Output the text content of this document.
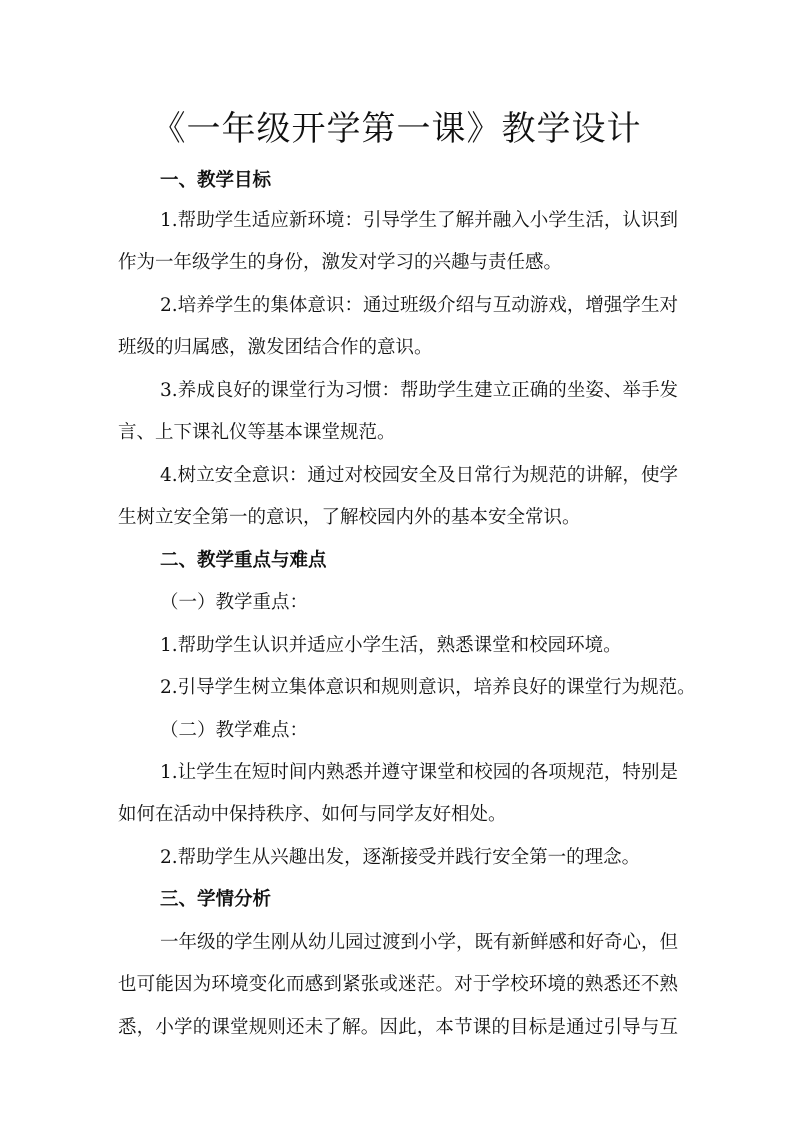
《一年级开学第一课》教学设计
一、教学目标
1.帮助学生适应新环境：引导学生了解并融入小学生活，认识到
作为一年级学生的身份，激发对学习的兴趣与责任感。
2.培养学生的集体意识：通过班级介绍与互动游戏，增强学生对
班级的归属感，激发团结合作的意识。
3.养成良好的课堂行为习惯：帮助学生建立正确的坐姿、举手发
言、上下课礼仪等基本课堂规范。
4.树立安全意识：通过对校园安全及日常行为规范的讲解，使学
生树立安全第一的意识，了解校园内外的基本安全常识。
二、教学重点与难点
（一）教学重点：
1.帮助学生认识并适应小学生活，熟悉课堂和校园环境。
2.引导学生树立集体意识和规则意识，培养良好的课堂行为规范。
（二）教学难点：
1.让学生在短时间内熟悉并遵守课堂和校园的各项规范，特别是
如何在活动中保持秩序、如何与同学友好相处。
2.帮助学生从兴趣出发，逐渐接受并践行安全第一的理念。
三、学情分析
一年级的学生刚从幼儿园过渡到小学，既有新鲜感和好奇心，但
也可能因为环境变化而感到紧张或迷茫。对于学校环境的熟悉还不熟
悉，小学的课堂规则还未了解。因此，本节课的目标是通过引导与互
